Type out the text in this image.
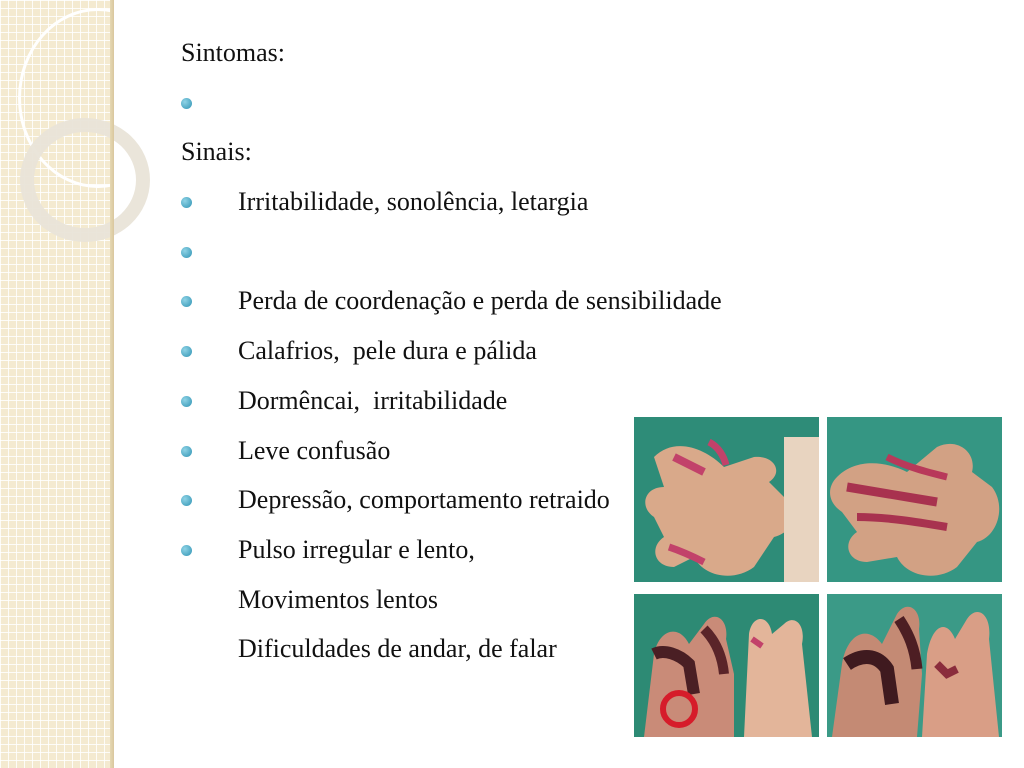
Sintomas:

Irritabilidade, sonolência, letargia

Sinais:

Perda de coordenação e perda de sensibilidade

Calafrios,  pele dura e pálida

Dormêncai,  irritabilidade

Leve confusão

Depressão, comportamento retraido

Pulso irregular e lento,

Movimentos lentos

Dificuldades de andar, de falar
